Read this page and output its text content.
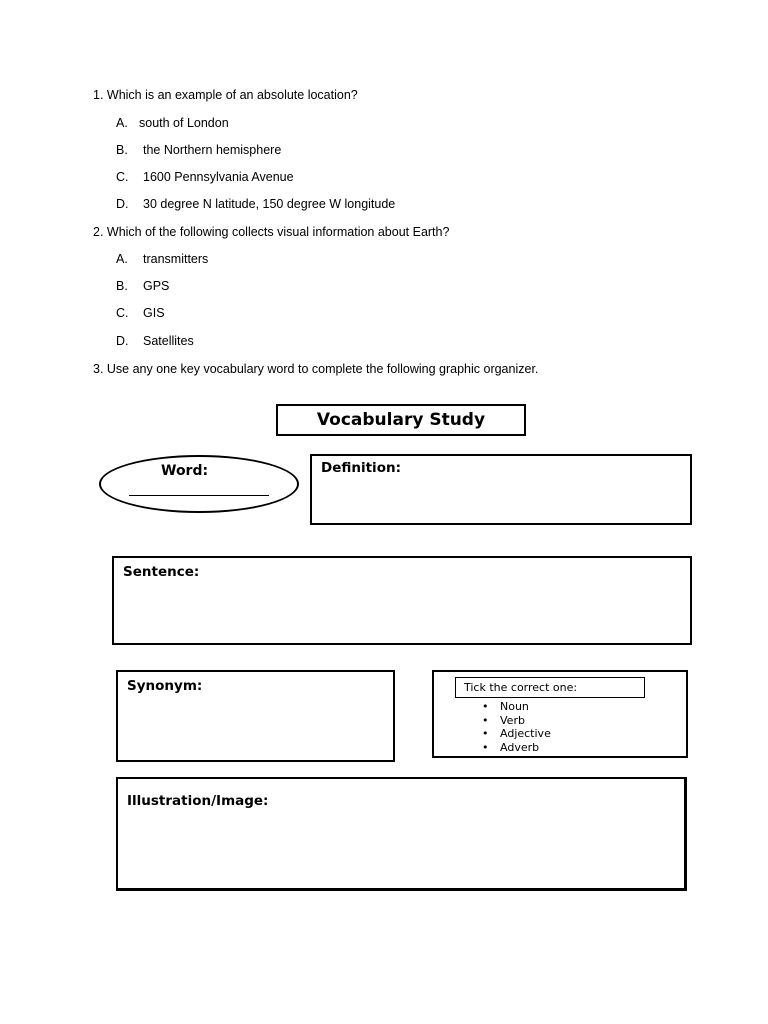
1. Which is an example of an absolute location?
A. south of London
B. the Northern hemisphere
C. 1600 Pennsylvania Avenue
D. 30 degree N latitude, 150 degree W longitude
2. Which of the following collects visual information about Earth?
A. transmitters
B. GPS
C. GIS
D. Satellites
3. Use any one key vocabulary word to complete the following graphic organizer.
Vocabulary Study
Word:	Definition:
Sentence:
Synonym:	Tick the correct one:
• Noun
• Verb
• Adjective
• Adverb
Illustration/Image:
